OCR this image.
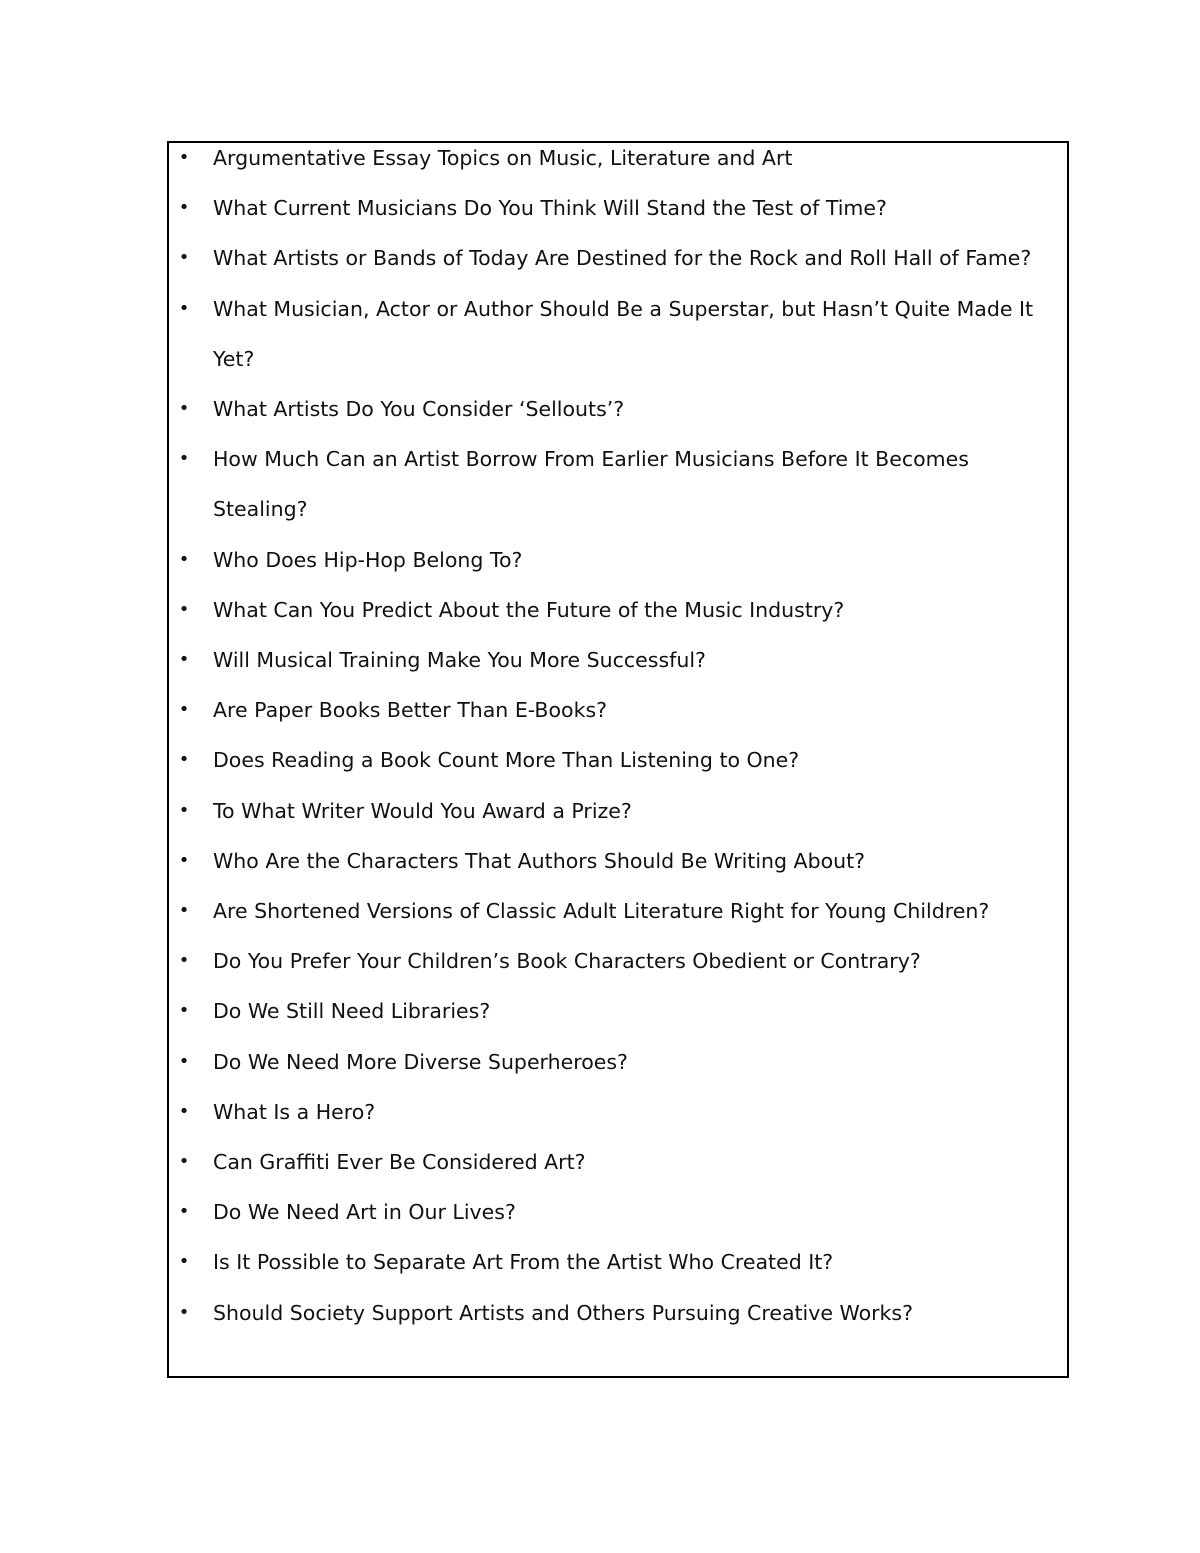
• Argumentative Essay Topics on Music, Literature and Art
• What Current Musicians Do You Think Will Stand the Test of Time?
• What Artists or Bands of Today Are Destined for the Rock and Roll Hall of Fame?
• What Musician, Actor or Author Should Be a Superstar, but Hasn’t Quite Made It Yet?
• What Artists Do You Consider ‘Sellouts’?
• How Much Can an Artist Borrow From Earlier Musicians Before It Becomes Stealing?
• Who Does Hip-Hop Belong To?
• What Can You Predict About the Future of the Music Industry?
• Will Musical Training Make You More Successful?
• Are Paper Books Better Than E-Books?
• Does Reading a Book Count More Than Listening to One?
• To What Writer Would You Award a Prize?
• Who Are the Characters That Authors Should Be Writing About?
• Are Shortened Versions of Classic Adult Literature Right for Young Children?
• Do You Prefer Your Children’s Book Characters Obedient or Contrary?
• Do We Still Need Libraries?
• Do We Need More Diverse Superheroes?
• What Is a Hero?
• Can Graffiti Ever Be Considered Art?
• Do We Need Art in Our Lives?
• Is It Possible to Separate Art From the Artist Who Created It?
• Should Society Support Artists and Others Pursuing Creative Works?
